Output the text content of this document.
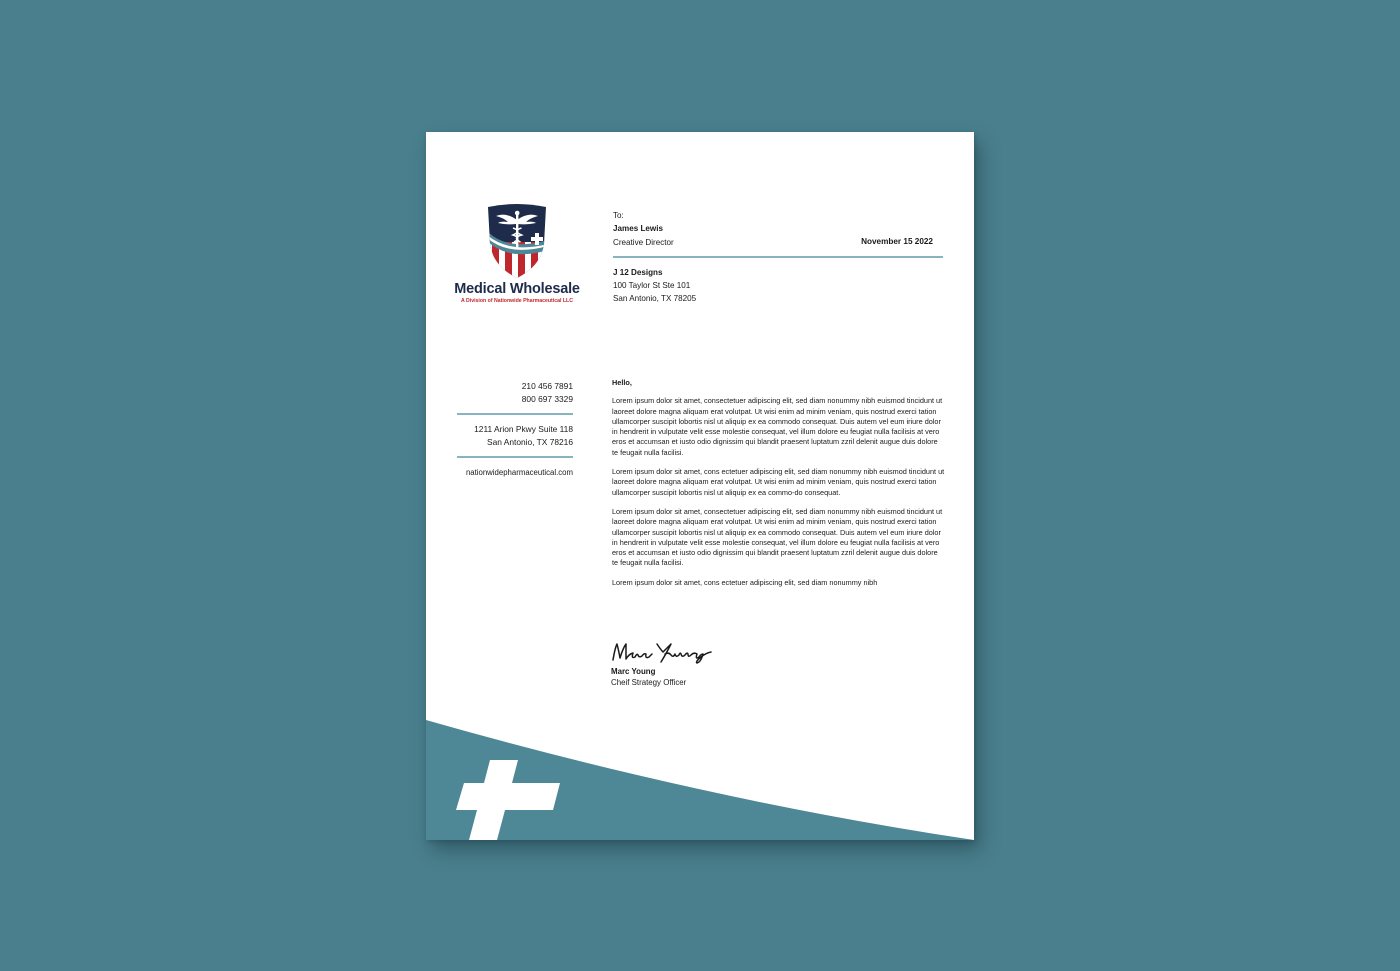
Medical Wholesale
A Division of Nationwide Pharmaceutical LLC
To:
James Lewis
Creative Director	November 15 2022
J 12 Designs
100 Taylor St Ste 101
San Antonio, TX 78205
210 456 7891
800 697 3329
1211 Arion Pkwy Suite 118
San Antonio, TX 78216
nationwidepharmaceutical.com

Hello,

Lorem ipsum dolor sit amet, consectetuer adipiscing elit, sed diam nonummy nibh euismod tincidunt ut laoreet dolore magna aliquam erat volutpat. Ut wisi enim ad minim veniam, quis nostrud exerci tation ullamcorper suscipit lobortis nisl ut aliquip ex ea commodo consequat. Duis autem vel eum iriure dolor in hendrerit in vulputate velit esse molestie consequat, vel illum dolore eu feugiat nulla facilisis at vero eros et accumsan et iusto odio dignissim qui blandit praesent luptatum zzril delenit augue duis dolore te feugait nulla facilisi.

Lorem ipsum dolor sit amet, cons ectetuer adipiscing elit, sed diam nonummy nibh euismod tincidunt ut laoreet dolore magna aliquam erat volutpat. Ut wisi enim ad minim veniam, quis nostrud exerci tation ullamcorper suscipit lobortis nisl ut aliquip ex ea commo-do consequat.

Lorem ipsum dolor sit amet, consectetuer adipiscing elit, sed diam nonummy nibh euismod tincidunt ut laoreet dolore magna aliquam erat volutpat. Ut wisi enim ad minim veniam, quis nostrud exerci tation ullamcorper suscipit lobortis nisl ut aliquip ex ea commodo consequat. Duis autem vel eum iriure dolor in hendrerit in vulputate velit esse molestie consequat, vel illum dolore eu feugiat nulla facilisis at vero eros et accumsan et iusto odio dignissim qui blandit praesent luptatum zzril delenit augue duis dolore te feugait nulla facilisi.

Lorem ipsum dolor sit amet, cons ectetuer adipiscing elit, sed diam nonummy nibh

Marc Young
Cheif Strategy Officer
